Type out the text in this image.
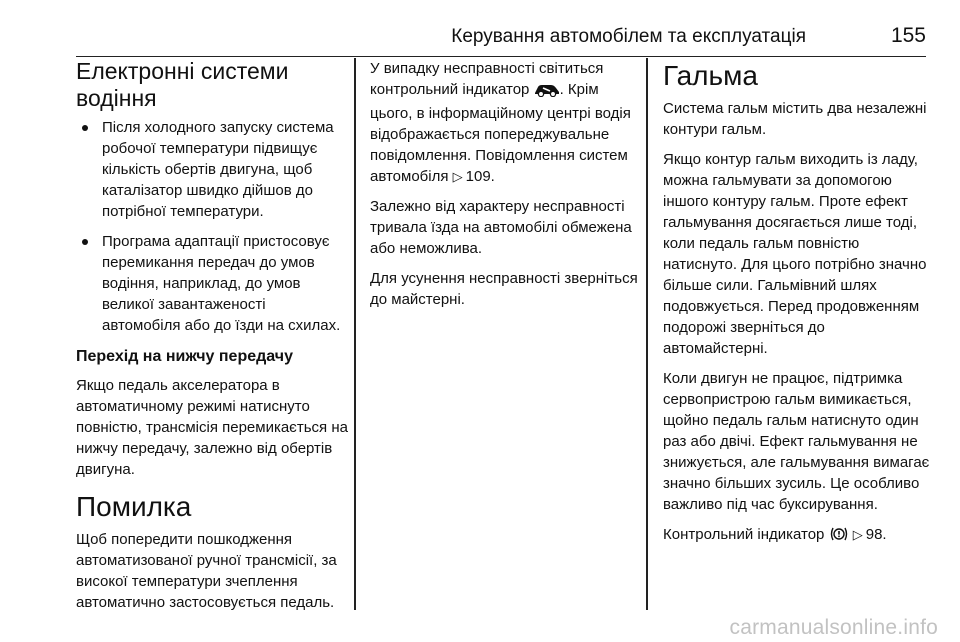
Керування автомобілем та експлуатація	155
Електронні системи водіння
Після холодного запуску система робочої температури підвищує кількість обертів двигуна, щоб каталізатор швидко дійшов до потрібної температури.
Програма адаптації пристосовує перемикання передач до умов водіння, наприклад, до умов великої завантаженості автомобіля або до їзди на схилах.
Перехід на нижчу передачу
Якщо педаль акселератора в автоматичному режимі натиснуто повністю, трансмісія перемикається на нижчу передачу, залежно від обертів двигуна.
Помилка
Щоб попередити пошкодження автоматизованої ручної трансмісії, за високої температури зчеплення автоматично застосовується педаль.
У випадку несправності світиться контрольний індикатор . Крім цього, в інформаційному центрі водія відображається попереджувальне повідомлення. Повідомлення систем автомобіля ▷ 109.
Залежно від характеру несправності тривала їзда на автомобілі обмежена або неможлива.
Для усунення несправності зверніться до майстерні.
Гальма
Система гальм містить два незалежні контури гальм.
Якщо контур гальм виходить із ладу, можна гальмувати за допомогою іншого контуру гальм. Проте ефект гальмування досягається лише тоді, коли педаль гальм повністю натиснуто. Для цього потрібно значно більше сили. Гальмівний шлях подовжується. Перед продовженням подорожі зверніться до автомайстерні.
Коли двигун не працює, підтримка сервопристрою гальм вимикається, щойно педаль гальм натиснуто один раз або двічі. Ефект гальмування не знижується, але гальмування вимагає значно більших зусиль. Це особливо важливо під час буксирування.
Контрольний індикатор ▷ 98.
carmanualsonline.info
